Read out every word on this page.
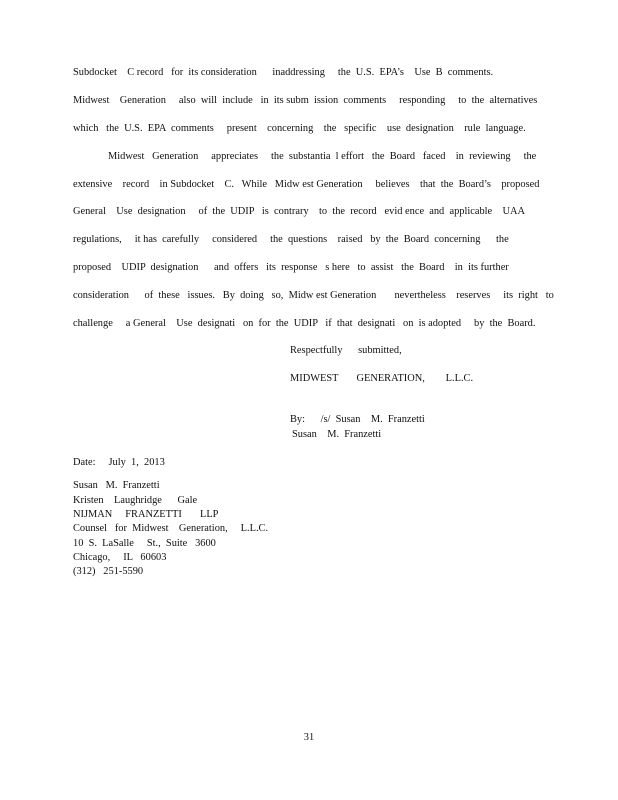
Subdocket    C record   for  its consideration      inaddressing     the  U.S.  EPA’s    Use  B  comments.
Midwest    Generation     also  will  include   in  its subm  ission  comments     responding     to  the  alternatives
which   the  U.S.  EPA  comments     present    concerning    the   specific    use  designation    rule  language.
Midwest   Generation     appreciates     the  substantia  l effort   the  Board   faced    in  reviewing     the
extensive    record    in Subdocket    C.   While   Midw est Generation     believes    that  the  Board’s    proposed
General    Use  designation     of  the  UDIP   is  contrary    to  the  record   evid ence  and  applicable    UAA
regulations,     it has  carefully     considered     the  questions    raised   by  the  Board  concerning      the
proposed    UDIP  designation      and  offers   its  response   s here   to  assist   the  Board    in  its further
consideration      of  these   issues.   By  doing   so,  Midw est Generation       nevertheless    reserves     its  right   to
challenge     a General    Use  designati   on  for  the  UDIP   if  that  designati   on  is adopted     by  the  Board.
Respectfully      submitted,
MIDWEST       GENERATION,        L.L.C.
By:      /s/  Susan    M.  Franzetti
Susan    M.  Franzetti
Date:     July  1,  2013
Susan   M.  Franzetti
Kristen    Laughridge      Gale
NIJMAN     FRANZETTI       LLP
Counsel   for  Midwest    Generation,     L.L.C.
10  S.  LaSalle     St.,  Suite   3600
Chicago,     IL   60603
(312)   251-5590
31
